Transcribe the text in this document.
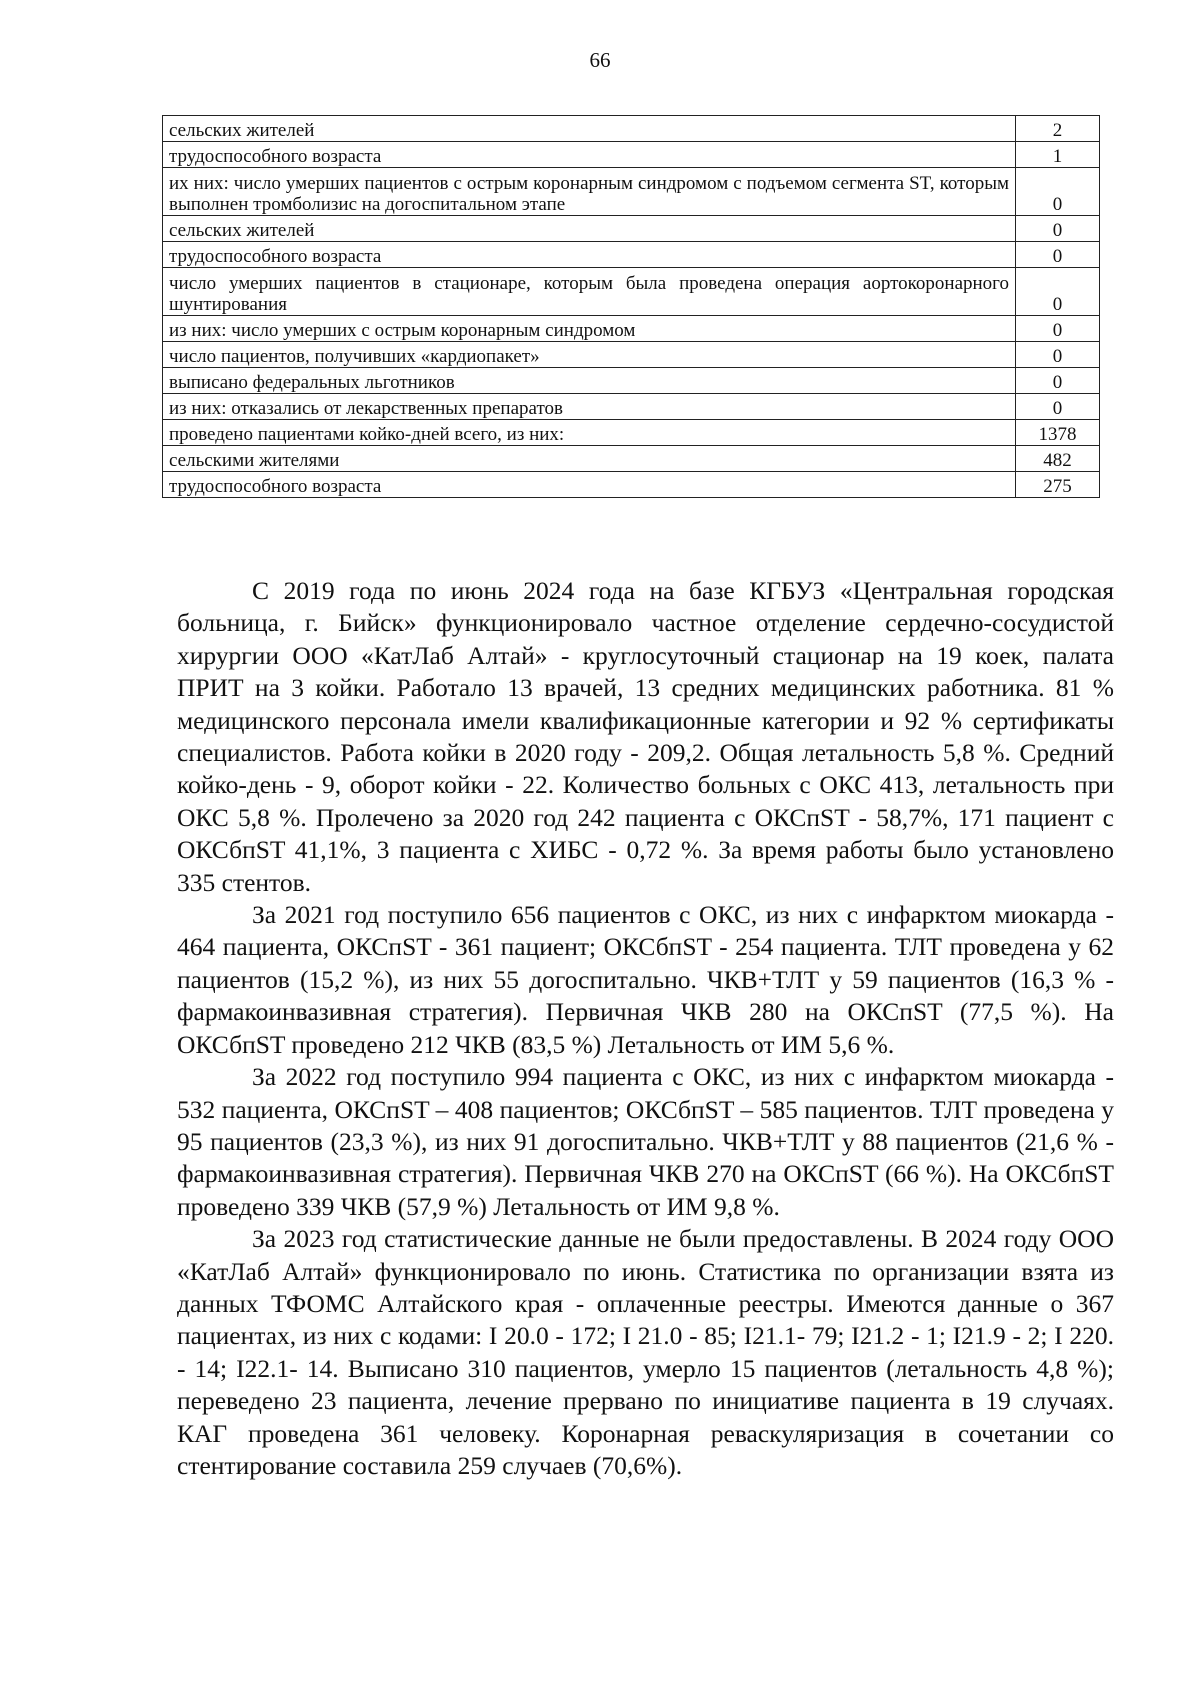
66
сельских жителей	2
трудоспособного возраста	1
их них: число умерших пациентов с острым коронарным синдромом с подъемом сегмента ST, которым выполнен тромболизис на догоспитальном этапе	0
сельских жителей	0
трудоспособного возраста	0
число умерших пациентов в стационаре, которым была проведена операция аортокоронарного шунтирования	0
из них: число умерших с острым коронарным синдромом	0
число пациентов, получивших «кардиопакет»	0
выписано федеральных льготников	0
из них: отказались от лекарственных препаратов	0
проведено пациентами койко-дней всего, из них:	1378
сельскими жителями	482
трудоспособного возраста	275

С 2019 года по июнь 2024 года на базе КГБУЗ «Центральная городская больница, г. Бийск» функционировало частное отделение сердечно-сосудистой хирургии ООО «КатЛаб Алтай» - круглосуточный стационар на 19 коек, палата ПРИТ на 3 койки. Работало 13 врачей, 13 средних медицинских работника. 81 % медицинского персонала имели квалификационные категории и 92 % сертификаты специалистов. Работа койки в 2020 году - 209,2. Общая летальность 5,8 %. Средний койко-день - 9, оборот койки - 22. Количество больных с ОКС 413, летальность при ОКС 5,8 %. Пролечено за 2020 год 242 пациента с ОКСпST - 58,7%, 171 пациент с ОКСбпST 41,1%, 3 пациента с ХИБС - 0,72 %. За время работы было установлено 335 стентов.

За 2021 год поступило 656 пациентов с ОКС, из них с инфарктом миокарда - 464 пациента, ОКСпST - 361 пациент; ОКСбпST - 254 пациента. ТЛТ проведена у 62 пациентов (15,2 %), из них 55 догоспитально. ЧКВ+ТЛТ у 59 пациентов (16,3 % - фармакоинвазивная стратегия). Первичная ЧКВ 280 на ОКСпST (77,5 %). На ОКСбпST проведено 212 ЧКВ (83,5 %) Летальность от ИМ 5,6 %.

За 2022 год поступило 994 пациента с ОКС, из них с инфарктом миокарда - 532 пациента, ОКСпST – 408 пациентов; ОКСбпST – 585 пациентов. ТЛТ проведена у 95 пациентов (23,3 %), из них 91 догоспитально. ЧКВ+ТЛТ у 88 пациентов (21,6 % - фармакоинвазивная стратегия). Первичная ЧКВ 270 на ОКСпST (66 %). На ОКСбпST проведено 339 ЧКВ (57,9 %) Летальность от ИМ 9,8 %.

За 2023 год статистические данные не были предоставлены. В 2024 году ООО «КатЛаб Алтай» функционировало по июнь. Статистика по организации взята из данных ТФОМС Алтайского края - оплаченные реестры. Имеются данные о 367 пациентах, из них с кодами: I 20.0 - 172; I 21.0 - 85; I21.1- 79; I21.2 - 1; I21.9 - 2; I 220. - 14; I22.1- 14. Выписано 310 пациентов, умерло 15 пациентов (летальность 4,8 %); переведено 23 пациента, лечение прервано по инициативе пациента в 19 случаях. КАГ проведена 361 человеку. Коронарная реваскуляризация в сочетании со стентирование составила 259 случаев (70,6%).
